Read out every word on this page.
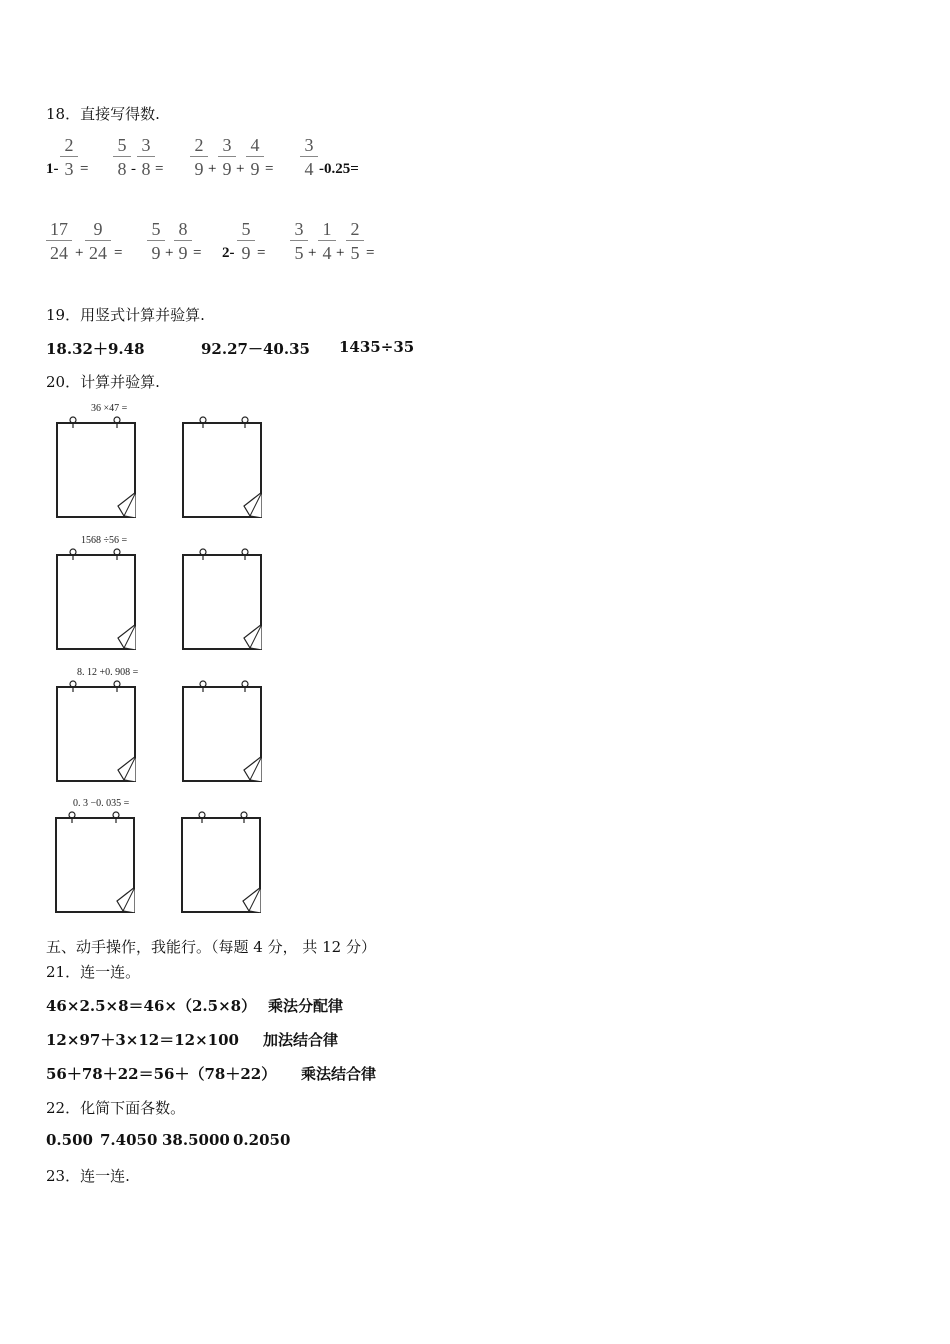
18．直接写得数.
1-
2
3 =
5
8 -
3
8 =
2
9 +
3
9 +
4
9 =
3
4 -0.25=
17
24 +
9
24 =
5
9 +
8
9 = 2-
5
9 =
3
5 +
1
4 +
2
5 =
19．用竖式计算并验算.
18.32＋9.48	92.27－40.35 1435÷35
20．计算并验算.
36 ×47 =
1568 ÷56 =
8. 12 +0. 908 =
0. 3 −0. 035 =
五、动手操作，我能行。（每题 4 分， 共 12 分）
21．连一连。
46×2.5×8＝46×（2.5×8） 乘法分配律
12×97＋3×12＝12×100 加法结合律
56＋78＋22＝56＋（78＋22） 乘法结合律
22．化简下面各数。
0.500 7.4050 38.5000 0.2050
23．连一连.
